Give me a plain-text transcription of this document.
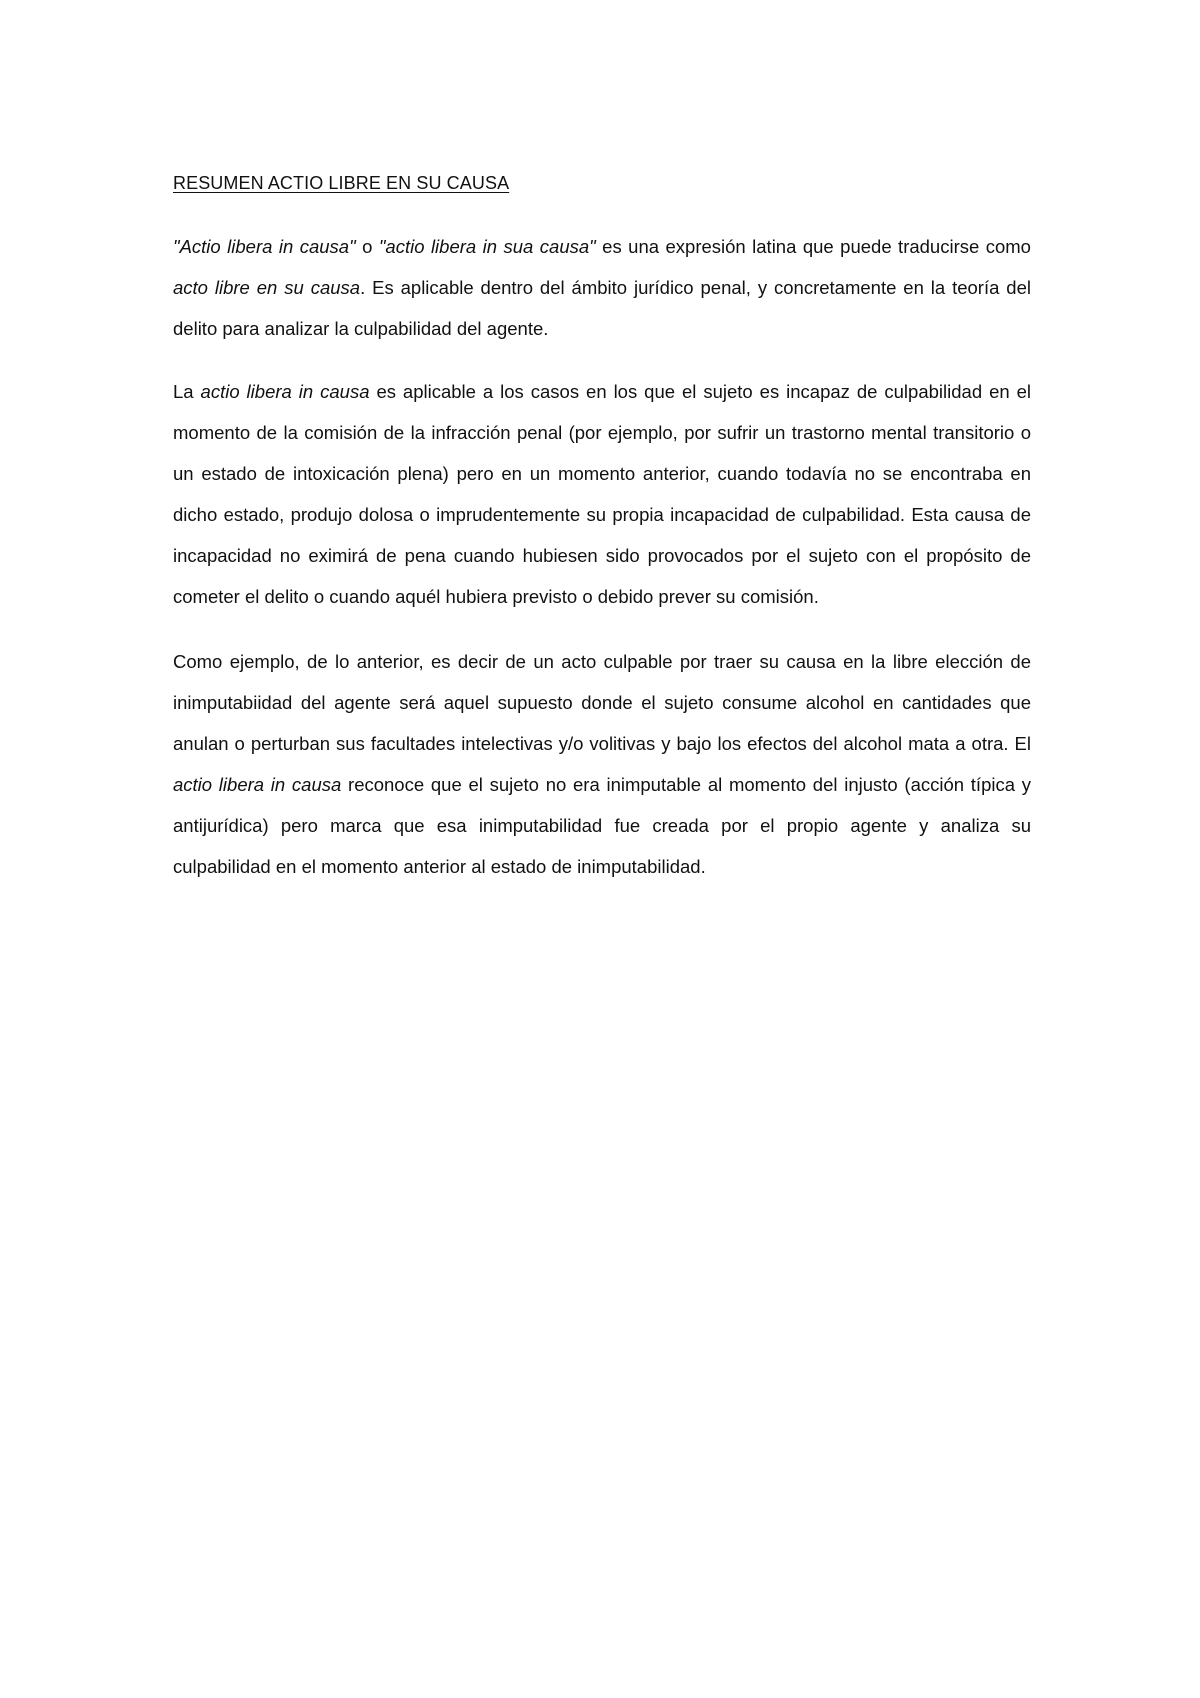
RESUMEN ACTIO LIBRE EN SU CAUSA

"Actio libera in causa" o "actio libera in sua causa" es una expresión latina que puede traducirse como acto libre en su causa. Es aplicable dentro del ámbito jurídico penal, y concretamente en la teoría del delito para analizar la culpabilidad del agente.

La actio libera in causa es aplicable a los casos en los que el sujeto es incapaz de culpabilidad en el momento de la comisión de la infracción penal (por ejemplo, por sufrir un trastorno mental transitorio o un estado de intoxicación plena) pero en un momento anterior, cuando todavía no se encontraba en dicho estado, produjo dolosa o imprudentemente su propia incapacidad de culpabilidad. Esta causa de incapacidad no eximirá de pena cuando hubiesen sido provocados por el sujeto con el propósito de cometer el delito o cuando aquél hubiera previsto o debido prever su comisión.

Como ejemplo, de lo anterior, es decir de un acto culpable por traer su causa en la libre elección de inimputabiidad del agente será aquel supuesto donde el sujeto consume alcohol en cantidades que anulan o perturban sus facultades intelectivas y/o volitivas y bajo los efectos del alcohol mata a otra. El actio libera in causa reconoce que el sujeto no era inimputable al momento del injusto (acción típica y antijurídica) pero marca que esa inimputabilidad fue creada por el propio agente y analiza su culpabilidad en el momento anterior al estado de inimputabilidad.
